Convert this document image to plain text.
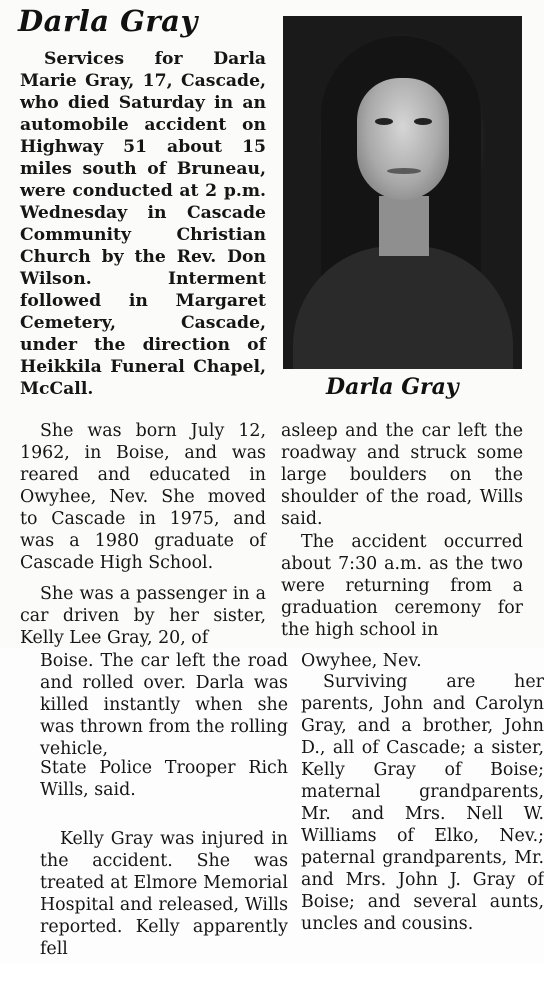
Darla Gray
Darla Gray

Services for Darla Marie Gray, 17, Cascade, who died Saturday in an automobile accident on Highway 51 about 15 miles south of Bruneau, were conducted at 2 p.m. Wednesday in Cascade Community Christian Church by the Rev. Don Wilson. Interment followed in Margaret Cemetery, Cascade, under the direction of Heikkila Funeral Chapel, McCall.

She was born July 12, 1962, in Boise, and was reared and educated in Owyhee, Nev. She moved to Cascade in 1975, and was a 1980 graduate of Cascade High School.

She was a passenger in a car driven by her sister, Kelly Lee Gray, 20, of

asleep and the car left the roadway and struck some large boulders on the shoulder of the road, Wills said.

The accident occurred about 7:30 a.m. as the two were returning from a graduation ceremony for the high school in

Boise. The car left the road and rolled over. Darla was killed instantly when she was thrown from the rolling vehicle,

State Police Trooper Rich Wills, said.

Kelly Gray was injured in the accident. She was treated at Elmore Memorial Hospital and released, Wills reported. Kelly apparently fell

Owyhee, Nev.

Surviving are her parents, John and Carolyn Gray, and a brother, John D., all of Cascade; a sister, Kelly Gray of Boise; maternal grandparents, Mr. and Mrs. Nell W. Williams of Elko, Nev.; paternal grandparents, Mr. and Mrs. John J. Gray of Boise; and several aunts, uncles and cousins.
